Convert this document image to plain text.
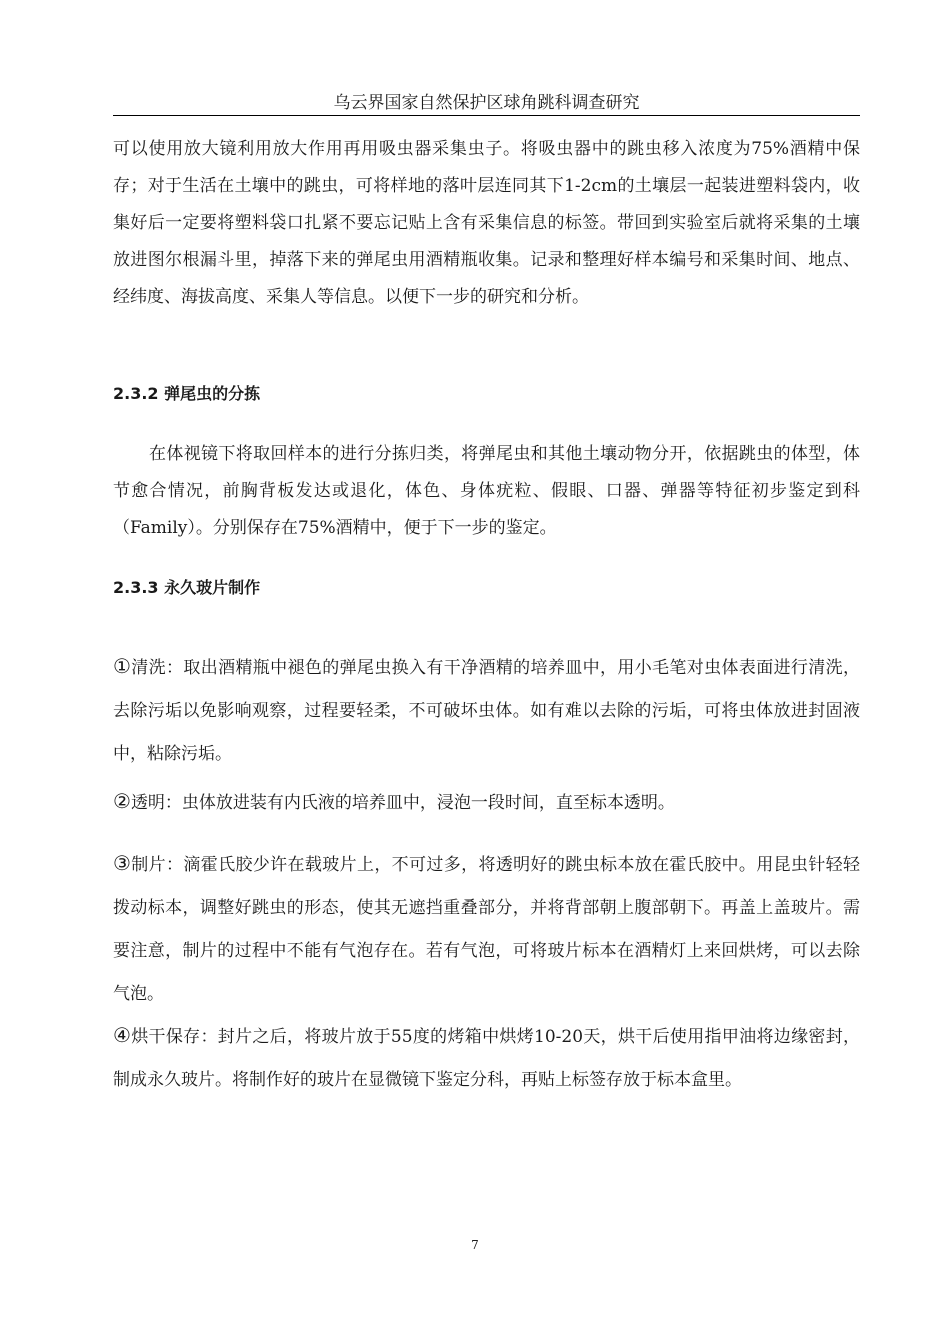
乌云界国家自然保护区球角跳科调查研究

可以使用放大镜利用放大作用再用吸虫器采集虫子。将吸虫器中的跳虫移入浓度为75%酒精中保存；对于生活在土壤中的跳虫，可将样地的落叶层连同其下1-2cm的土壤层一起装进塑料袋内，收集好后一定要将塑料袋口扎紧不要忘记贴上含有采集信息的标签。带回到实验室后就将采集的土壤放进图尔根漏斗里，掉落下来的弹尾虫用酒精瓶收集。记录和整理好样本编号和采集时间、地点、经纬度、海拔高度、采集人等信息。以便下一步的研究和分析。

2.3.2 弹尾虫的分拣

在体视镜下将取回样本的进行分拣归类，将弹尾虫和其他土壤动物分开，依据跳虫的体型，体节愈合情况，前胸背板发达或退化，体色、身体疣粒、假眼、口器、弹器等特征初步鉴定到科（Family）。分别保存在75%酒精中，便于下一步的鉴定。

2.3.3 永久玻片制作

①清洗：取出酒精瓶中褪色的弹尾虫换入有干净酒精的培养皿中，用小毛笔对虫体表面进行清洗，去除污垢以免影响观察，过程要轻柔，不可破坏虫体。如有难以去除的污垢，可将虫体放进封固液中，粘除污垢。

②透明：虫体放进装有内氏液的培养皿中，浸泡一段时间，直至标本透明。

③制片：滴霍氏胶少许在载玻片上，不可过多，将透明好的跳虫标本放在霍氏胶中。用昆虫针轻轻拨动标本，调整好跳虫的形态，使其无遮挡重叠部分，并将背部朝上腹部朝下。再盖上盖玻片。需要注意，制片的过程中不能有气泡存在。若有气泡，可将玻片标本在酒精灯上来回烘烤，可以去除气泡。

④烘干保存：封片之后，将玻片放于55度的烤箱中烘烤10-20天，烘干后使用指甲油将边缘密封，制成永久玻片。将制作好的玻片在显微镜下鉴定分科，再贴上标签存放于标本盒里。

7
